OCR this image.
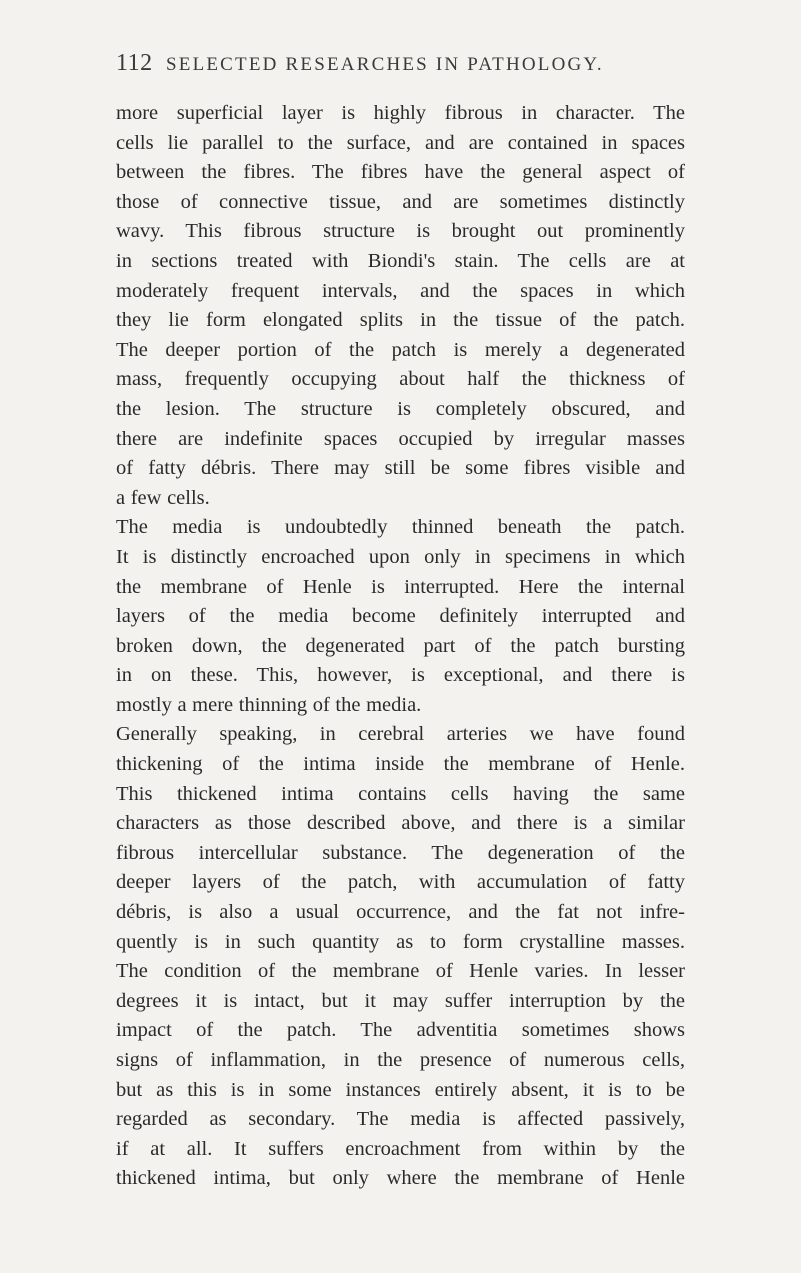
112 SELECTED RESEARCHES IN PATHOLOGY.
more superficial layer is highly fibrous in character. The
cells lie parallel to the surface, and are contained in spaces
between the fibres. The fibres have the general aspect of
those of connective tissue, and are sometimes distinctly
wavy. This fibrous structure is brought out prominently
in sections treated with Biondi's stain. The cells are at
moderately frequent intervals, and the spaces in which
they lie form elongated splits in the tissue of the patch.
The deeper portion of the patch is merely a degenerated
mass, frequently occupying about half the thickness of
the lesion. The structure is completely obscured, and
there are indefinite spaces occupied by irregular masses
of fatty débris. There may still be some fibres visible and
a few cells.
The media is undoubtedly thinned beneath the patch.
It is distinctly encroached upon only in specimens in which
the membrane of Henle is interrupted. Here the internal
layers of the media become definitely interrupted and
broken down, the degenerated part of the patch bursting
in on these. This, however, is exceptional, and there is
mostly a mere thinning of the media.
Generally speaking, in cerebral arteries we have found
thickening of the intima inside the membrane of Henle.
This thickened intima contains cells having the same
characters as those described above, and there is a similar
fibrous intercellular substance. The degeneration of the
deeper layers of the patch, with accumulation of fatty
débris, is also a usual occurrence, and the fat not infre-
quently is in such quantity as to form crystalline masses.
The condition of the membrane of Henle varies. In lesser
degrees it is intact, but it may suffer interruption by the
impact of the patch. The adventitia sometimes shows
signs of inflammation, in the presence of numerous cells,
but as this is in some instances entirely absent, it is to be
regarded as secondary. The media is affected passively,
if at all. It suffers encroachment from within by the
thickened intima, but only where the membrane of Henle
